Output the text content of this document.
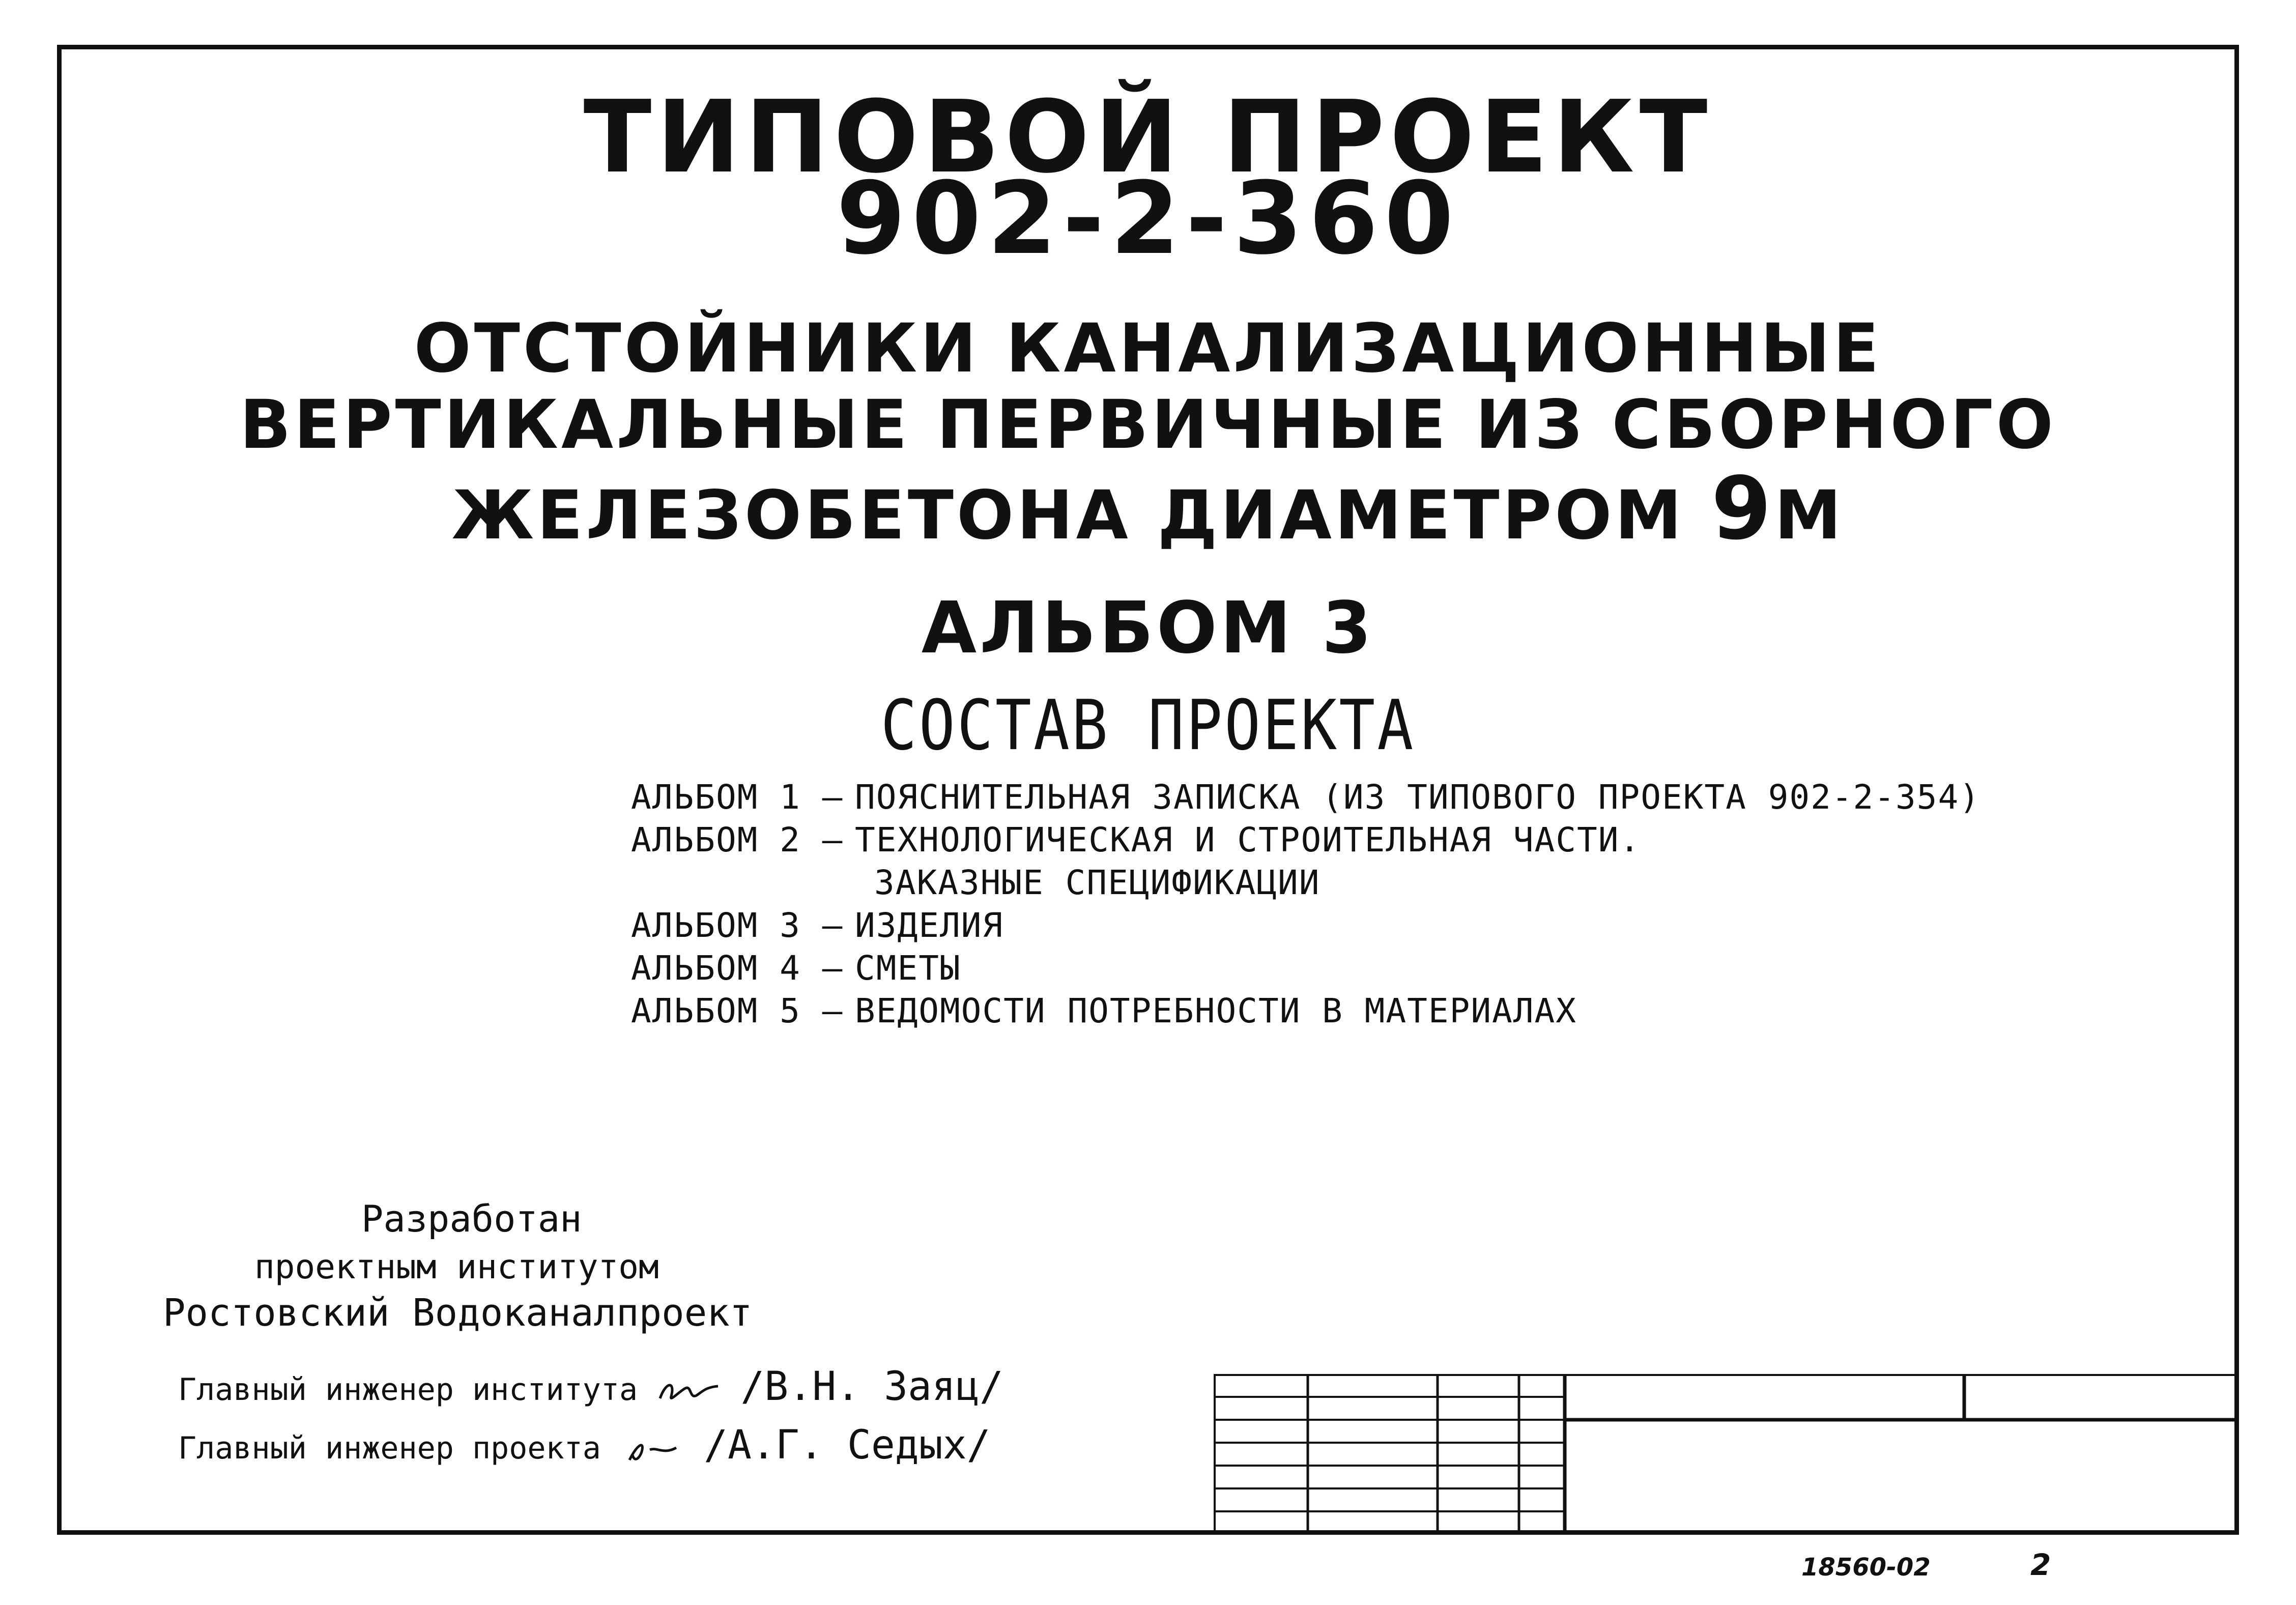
ТИПОВОЙ ПРОЕКТ
902-2-360
ОТСТОЙНИКИ КАНАЛИЗАЦИОННЫЕ
ВЕРТИКАЛЬНЫЕ ПЕРВИЧНЫЕ ИЗ СБОРНОГО
ЖЕЛЕЗОБЕТОНА ДИАМЕТРОМ 9М
АЛЬБОМ 3
СОСТАВ ПРОЕКТА
АЛЬБОМ 1 – ПОЯСНИТЕЛЬНАЯ ЗАПИСКА (ИЗ ТИПОВОГО ПРОЕКТА 902-2-354)
АЛЬБОМ 2 – ТЕХНОЛОГИЧЕСКАЯ И СТРОИТЕЛЬНАЯ ЧАСТИ.
ЗАКАЗНЫЕ СПЕЦИФИКАЦИИ
АЛЬБОМ 3 – ИЗДЕЛИЯ
АЛЬБОМ 4 – СМЕТЫ
АЛЬБОМ 5 – ВЕДОМОСТИ ПОТРЕБНОСТИ В МАТЕРИАЛАХ
Разработан
проектным институтом
Ростовский Водоканалпроект
Главный инженер института	/В.Н. Заяц/
Главный инженер проекта	/А.Г. Седых/
18560-02	2
